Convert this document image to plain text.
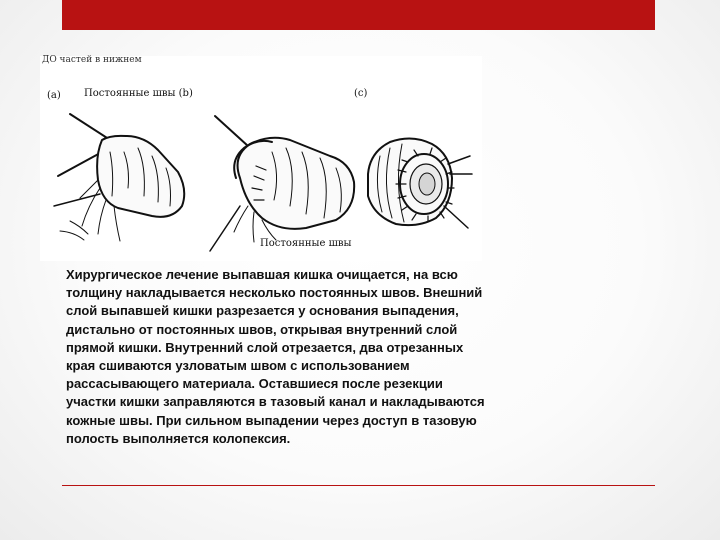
ДО частей в нижнем
(a) Постоянные швы (b)	(c)
Постоянные швы
Хирургическое лечение выпавшая кишка очищается, на всю
толщину накладывается несколько постоянных швов. Внешний
слой выпавшей кишки разрезается у основания выпадения,
дистально от постоянных швов, открывая внутренний слой
прямой кишки. Внутренний слой отрезается, два отрезанных
края сшиваются узловатым швом с использованием
рассасывающего материала. Оставшиеся после резекции
участки кишки заправляются в тазовый канал и накладываются
кожные швы. При сильном выпадении через доступ в тазовую
полость выполняется колопексия.
